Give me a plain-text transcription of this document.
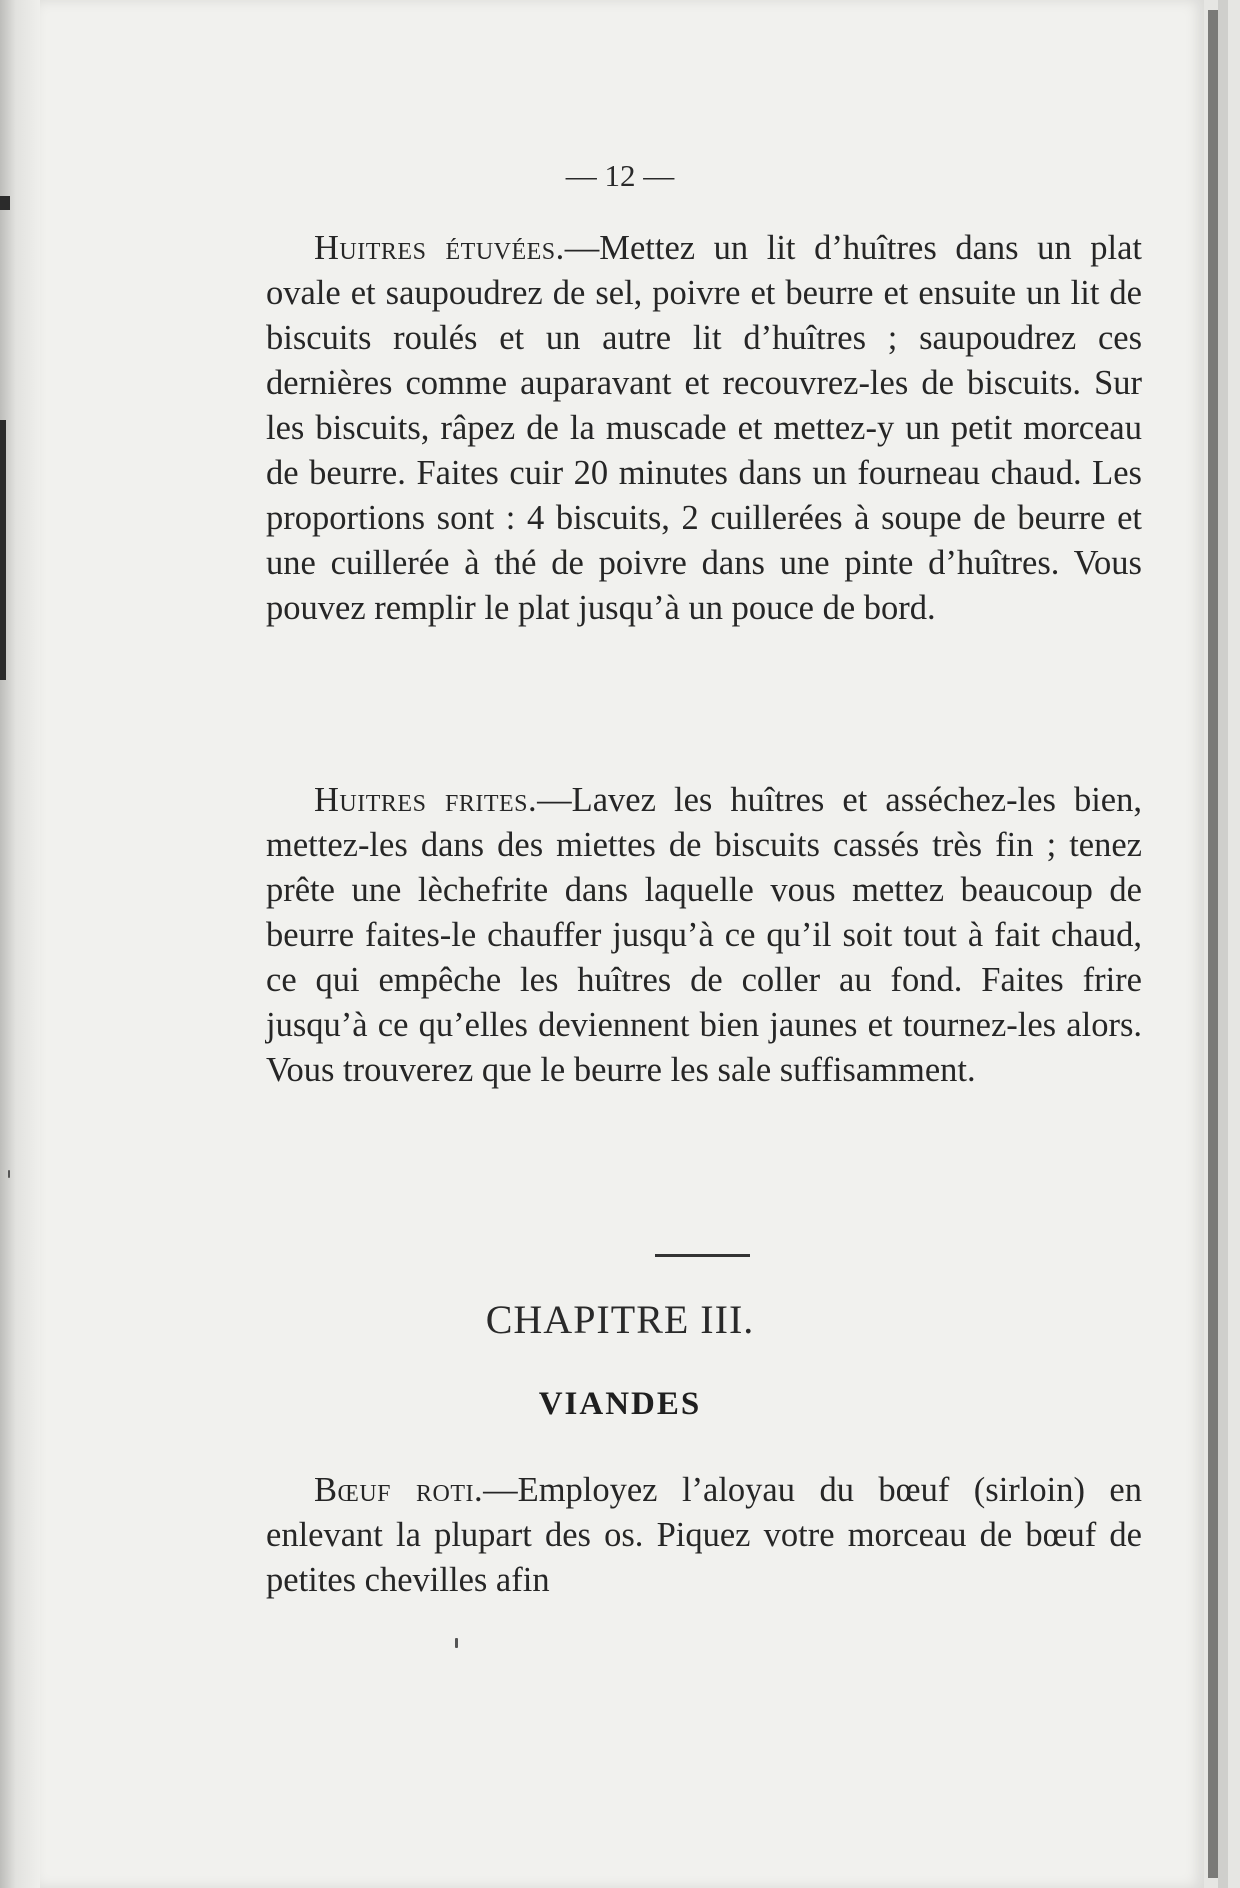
— 12 —

Huitres étuvées.—Mettez un lit d’huîtres dans un plat ovale et saupoudrez de sel, poivre et beurre et ensuite un lit de biscuits roulés et un autre lit d’huîtres ; saupoudrez ces dernières comme auparavant et recouvrez-les de biscuits. Sur les biscuits, râpez de la muscade et mettez-y un petit morceau de beurre. Faites cuir 20 minutes dans un fourneau chaud. Les proportions sont : 4 biscuits, 2 cuillerées à soupe de beurre et une cuillerée à thé de poivre dans une pinte d’huîtres. Vous pouvez remplir le plat jusqu’à un pouce de bord.

Huitres frites.—Lavez les huîtres et asséchez-les bien, mettez-les dans des miettes de biscuits cassés très fin ; tenez prête une lèchefrite dans laquelle vous mettez beaucoup de beurre faites-le chauffer jusqu’à ce qu’il soit tout à fait chaud, ce qui empêche les huîtres de coller au fond. Faites frire jusqu’à ce qu’elles deviennent bien jaunes et tournez-les alors. Vous trouverez que le beurre les sale suffisamment.

CHAPITRE III.
VIANDES

Bœuf roti.—Employez l’aloyau du bœuf (sirloin) en enlevant la plupart des os. Piquez votre morceau de bœuf de petites chevilles afin
